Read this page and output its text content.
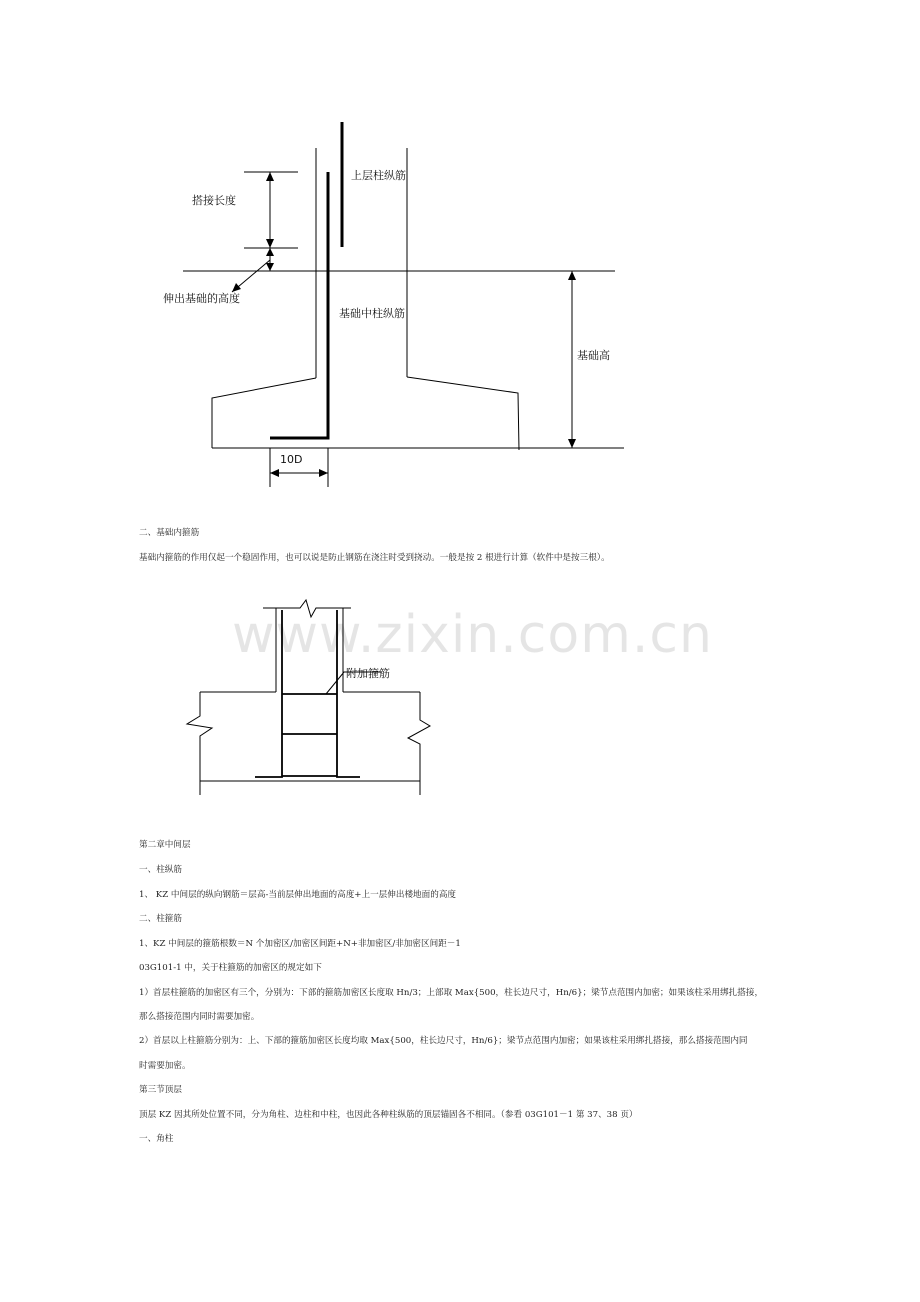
上层柱纵筋
搭接长度
伸出基础的高度
基础中柱纵筋
基础高
10D
附加箍筋
www.zixin.com.cn
二、基础内箍筋
基础内箍筋的作用仅起一个稳固作用，也可以说是防止钢筋在浇注时受到挠动。一般是按 2 根进行计算（软件中是按三根）。
第二章中间层
一、柱纵筋
1、 KZ 中间层的纵向钢筋＝层高-当前层伸出地面的高度+上一层伸出楼地面的高度
二、柱箍筋
1、KZ 中间层的箍筋根数＝N 个加密区/加密区间距+N+非加密区/非加密区间距－1
03G101-1 中，关于柱箍筋的加密区的规定如下
1）首层柱箍筋的加密区有三个，分别为：下部的箍筋加密区长度取 Hn/3；上部取 Max{500，柱长边尺寸，Hn/6}；梁节点范围内加密；如果该柱采用绑扎搭接，
那么搭接范围内同时需要加密。
2）首层以上柱箍筋分别为：上、下部的箍筋加密区长度均取 Max{500，柱长边尺寸，Hn/6}；梁节点范围内加密；如果该柱采用绑扎搭接，那么搭接范围内同
时需要加密。
第三节顶层
顶层 KZ 因其所处位置不同，分为角柱、边柱和中柱，也因此各种柱纵筋的顶层锚固各不相同。（参看 03G101－1 第 37、38 页）
一、角柱
